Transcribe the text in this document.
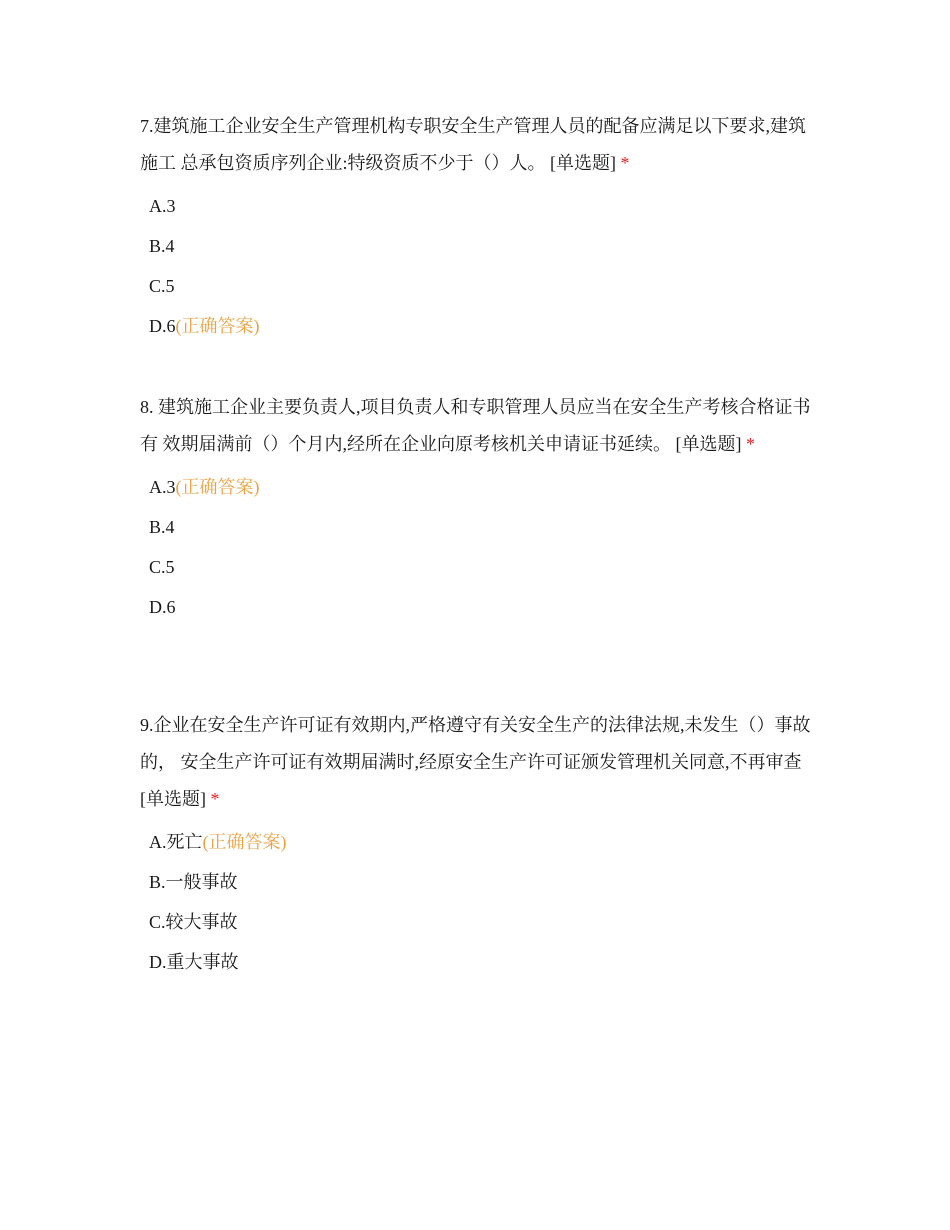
7.建筑施工企业安全生产管理机构专职安全生产管理人员的配备应满足以下要求,建筑施工 总承包资质序列企业:特级资质不少于（）人。 [单选题] *

A.3
B.4
C.5
D.6(正确答案)

8. 建筑施工企业主要负责人,项目负责人和专职管理人员应当在安全生产考核合格证书有 效期届满前（）个月内,经所在企业向原考核机关申请证书延续。 [单选题] *

A.3(正确答案)
B.4
C.5
D.6

9.企业在安全生产许可证有效期内,严格遵守有关安全生产的法律法规,未发生（）事故的， 安全生产许可证有效期届满时,经原安全生产许可证颁发管理机关同意,不再审查 [单选题] *

A.死亡(正确答案)
B.一般事故
C.较大事故
D.重大事故
